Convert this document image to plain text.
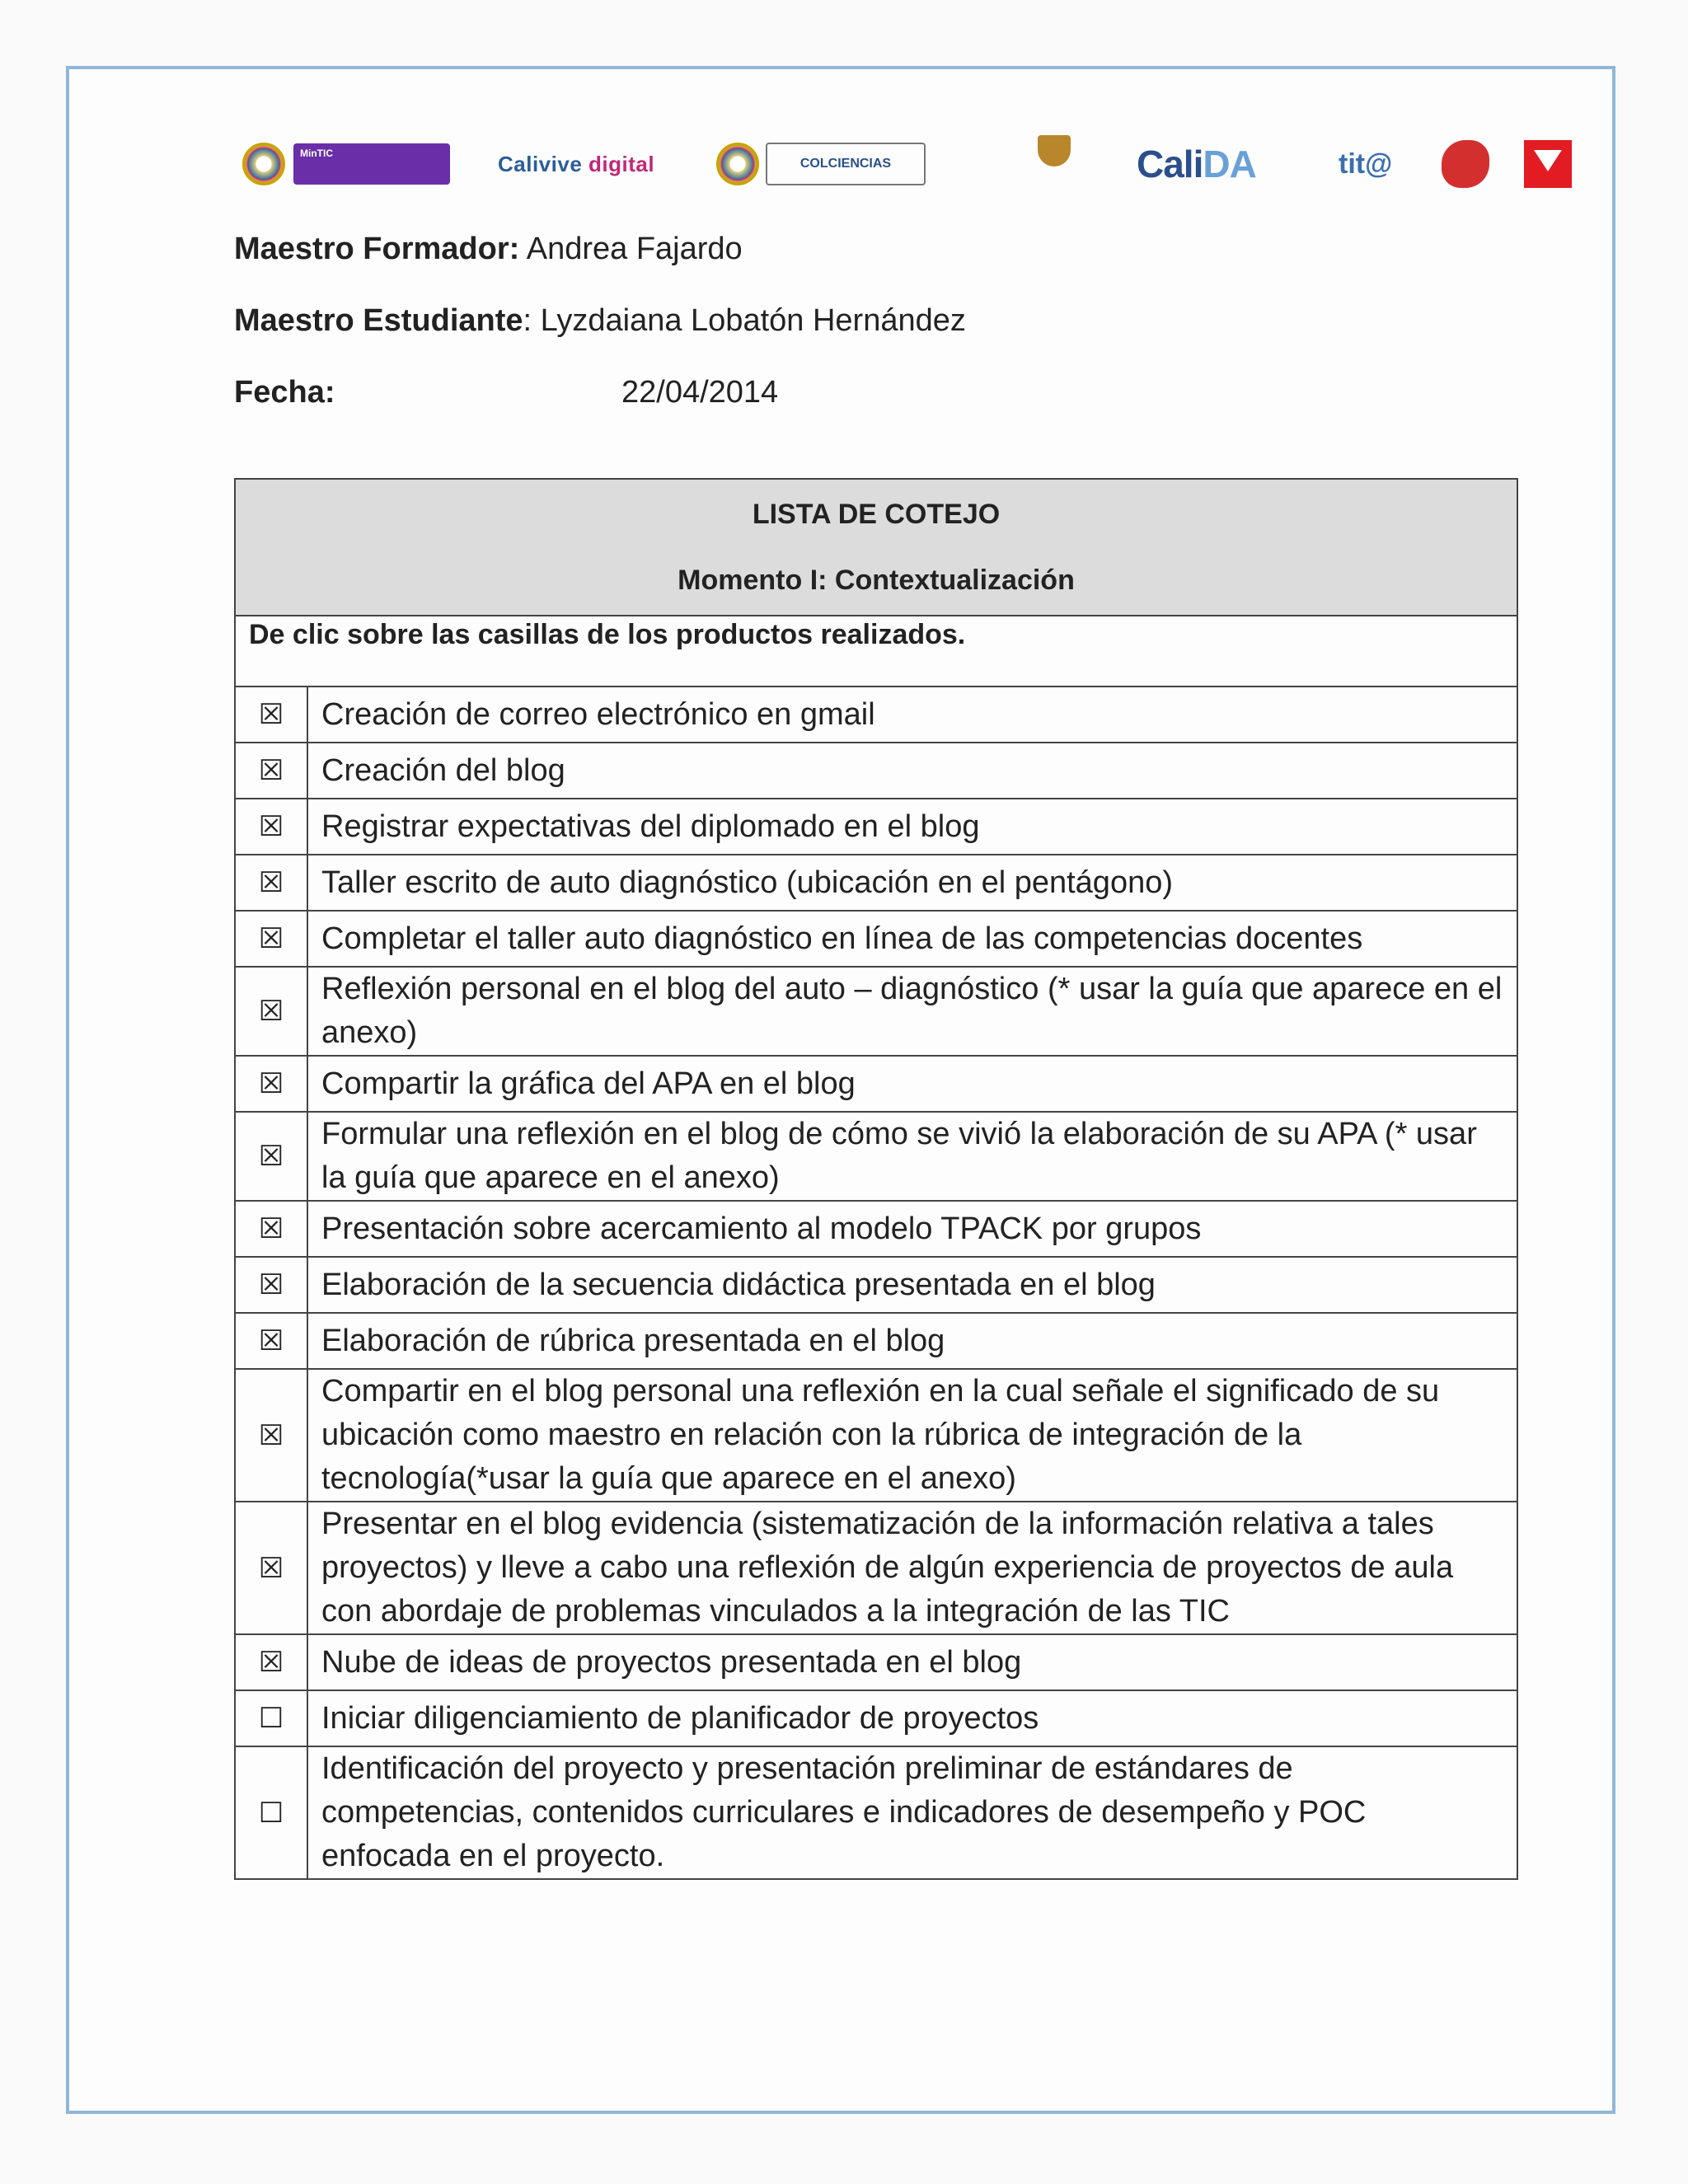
MinTIC	Calivive
digital	COLCIENCIAS	Cali DA	tit@
Maestro Formador: Andrea Fajardo
Maestro Estudiante: Lyzdaiana Lobatón Hernández
Fecha:	22/04/2014
LISTA DE COTEJO
Momento I: Contextualización	

De clic sobre las casillas de los productos realizados.	
☒	Creación de correo electrónico en gmail
☒	Creación del blog
☒	Registrar expectativas del diplomado en el blog
☒	Taller escrito de auto diagnóstico (ubicación en el pentágono)
☒	Completar el taller auto diagnóstico en línea de las competencias docentes
☒	Reflexión personal en el blog del auto – diagnóstico (* usar la guía que aparece en el anexo)
☒	Compartir la gráfica del APA en el blog
☒	Formular una reflexión en el blog de cómo se vivió la elaboración de su APA (* usar la guía que aparece en el anexo)
☒	Presentación sobre acercamiento al modelo TPACK por grupos
☒	Elaboración de la secuencia didáctica presentada en el blog
☒	Elaboración de rúbrica presentada en el blog
☒	Compartir en el blog personal una reflexión en la cual señale el significado de su ubicación como maestro en relación con la rúbrica de integración de la tecnología(*usar la guía que aparece en el anexo)
☒	Presentar en el blog evidencia (sistematización de la información relativa a tales proyectos) y lleve a cabo una reflexión de algún experiencia de proyectos de aula con abordaje de problemas vinculados a la integración de las TIC
☒	Nube de ideas de proyectos presentada en el blog
☐	Iniciar diligenciamiento de planificador de proyectos
☐	Identificación del proyecto y presentación preliminar de estándares de competencias, contenidos curriculares e indicadores de desempeño y POC enfocada en el proyecto.
